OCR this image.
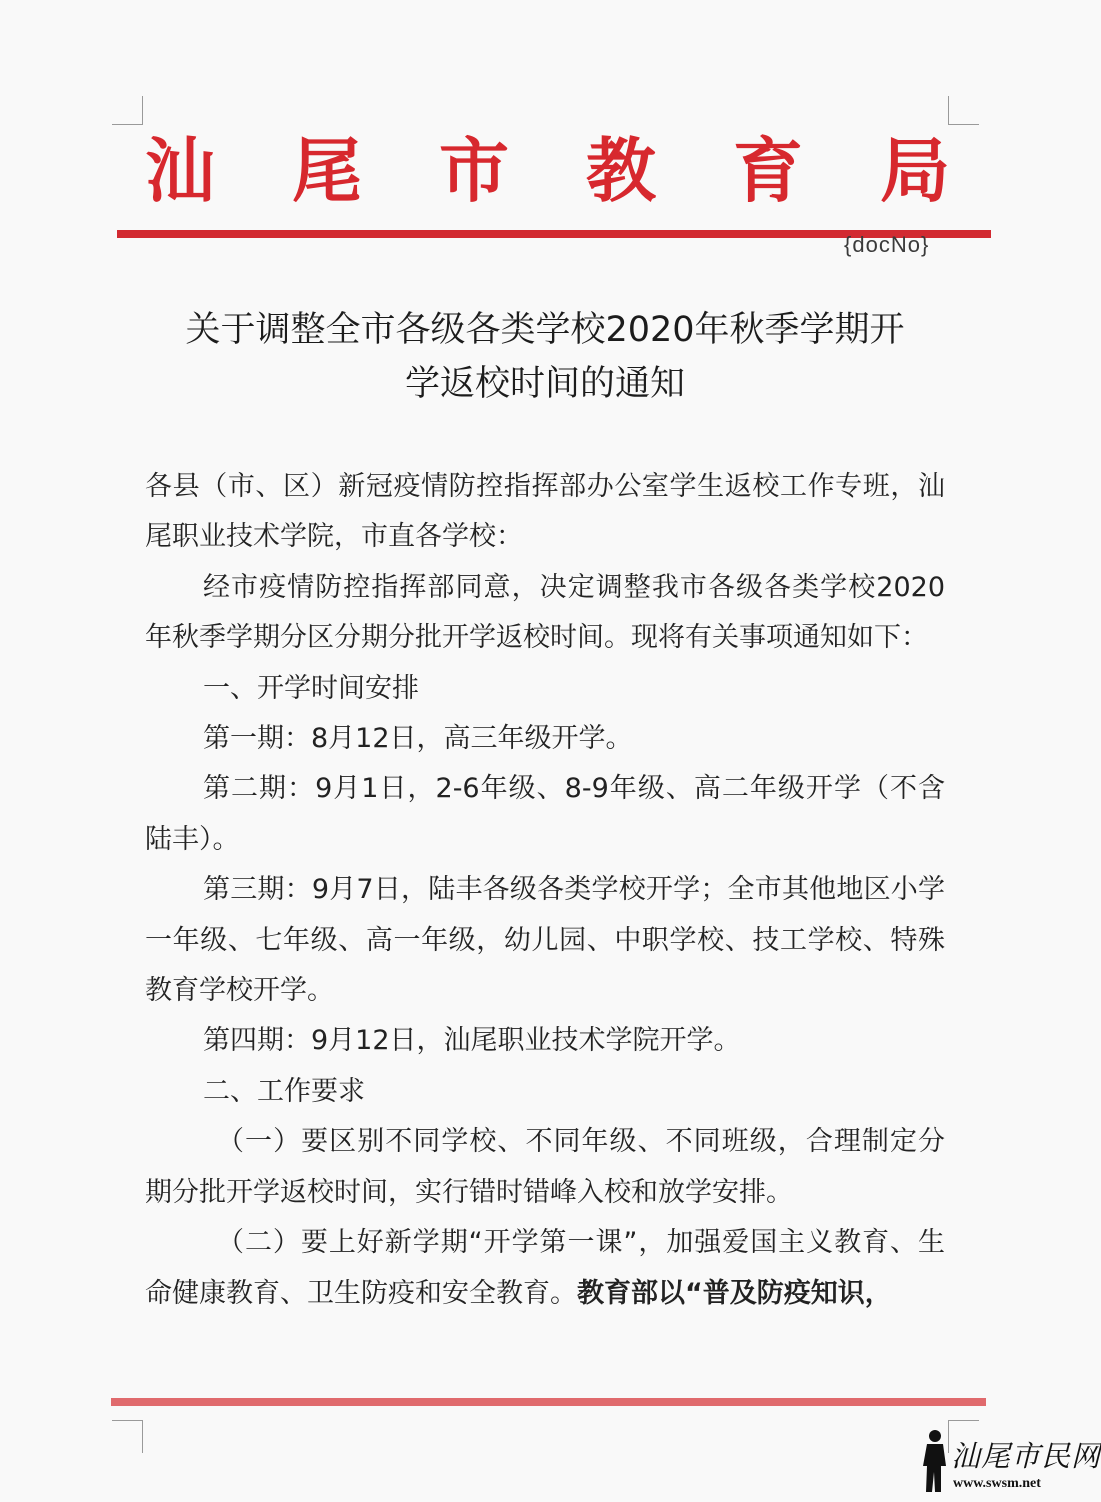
汕 尾 市 教 育 局
{docNo}
关于调整全市各级各类学校2020年秋季学期开
学返校时间的通知

各县（市、区）新冠疫情防控指挥部办公室学生返校工作专班，汕尾职业技术学院，市直各学校：

经市疫情防控指挥部同意，决定调整我市各级各类学校2020年秋季学期分区分期分批开学返校时间。现将有关事项通知如下：

一、开学时间安排

第一期：8月12日，高三年级开学。

第二期：9月1日，2-6年级、8-9年级、高二年级开学（不含陆丰）。

第三期：9月7日，陆丰各级各类学校开学；全市其他地区小学一年级、七年级、高一年级，幼儿园、中职学校、技工学校、特殊教育学校开学。

第四期：9月12日，汕尾职业技术学院开学。

二、工作要求

（一）要区别不同学校、不同年级、不同班级，合理制定分期分批开学返校时间，实行错时错峰入校和放学安排。

（二）要上好新学期“开学第一课”，加强爱国主义教育、生命健康教育、卫生防疫和安全教育。教育部以“普及防疫知识，

汕尾市民网
www.swsm.net
